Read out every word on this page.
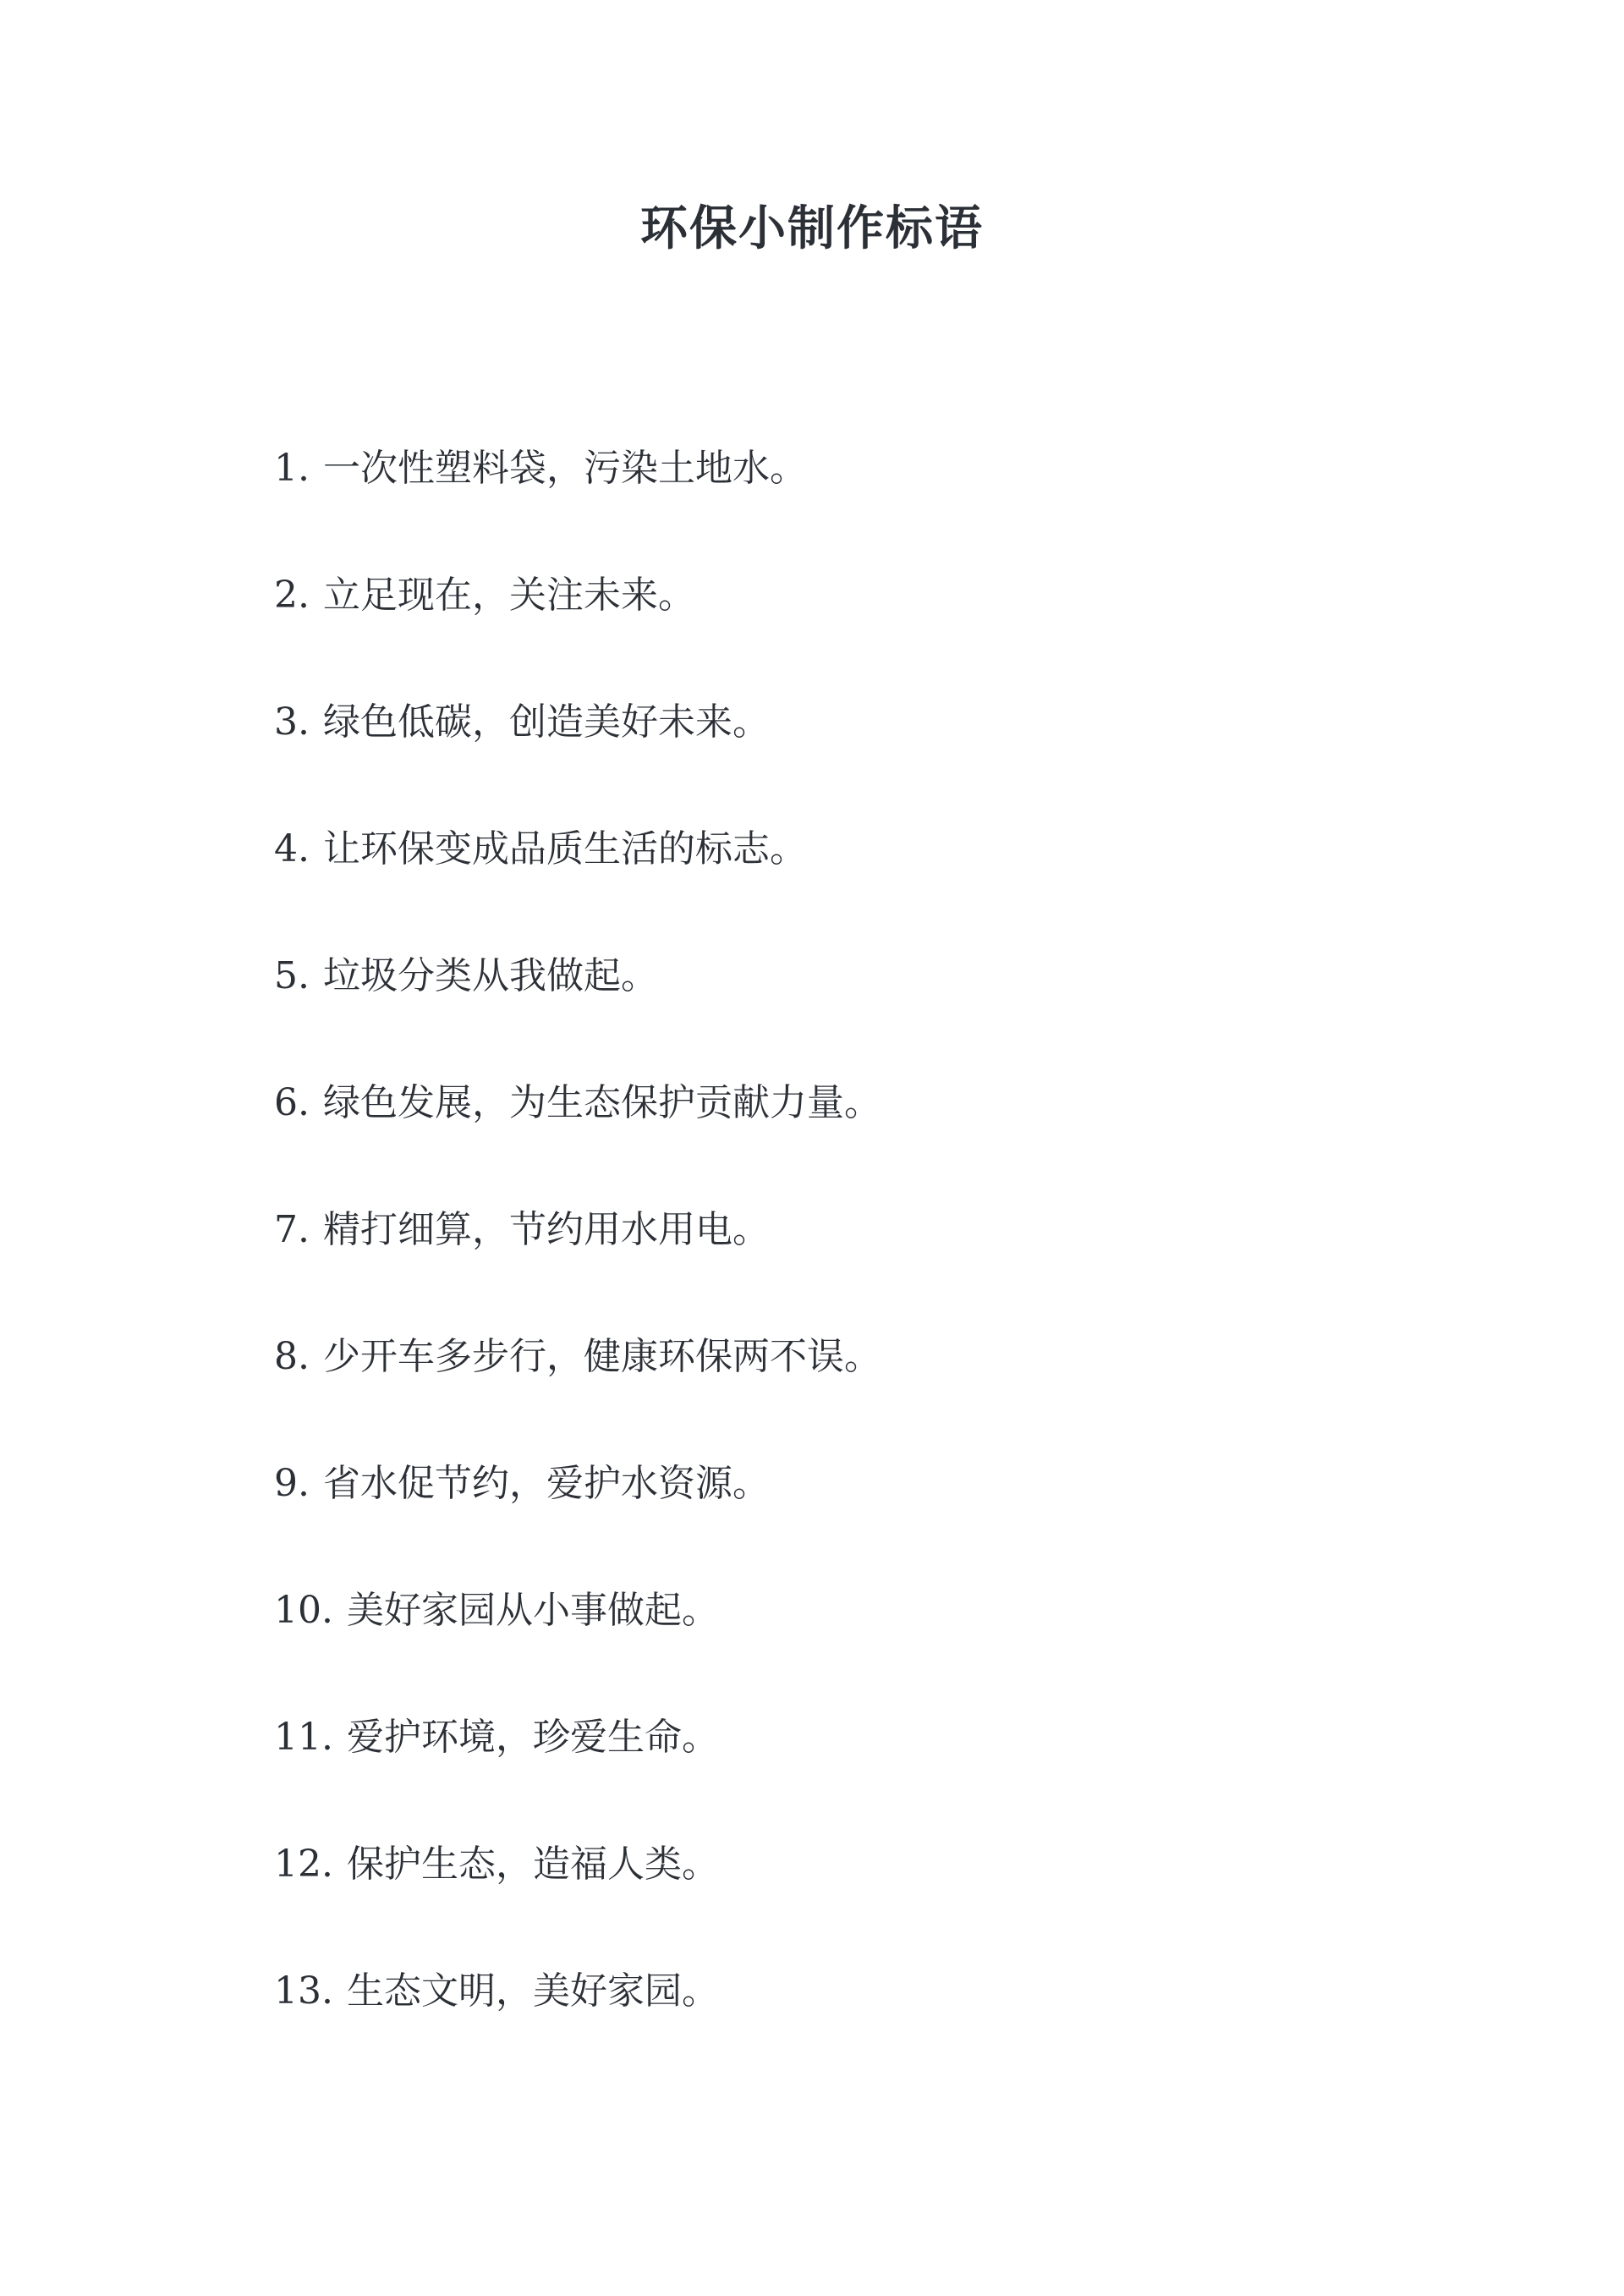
环保小制作标语
1. 一次性塑料袋，污染土地水。
2. 立足现在，关注未来。
3. 绿色低碳，创造美好未来。
4. 让环保变成品质生活的标志。
5. 垃圾分类从我做起。
6. 绿色发展，为生态保护贡献力量。
7. 精打细算，节约用水用电。
8. 少开车多步行，健康环保两不误。
9. 省水促节约，爱护水资源。
10. 美好家园从小事做起。
11. 爱护环境，珍爱生命。
12. 保护生态，造福人类。
13. 生态文明，美好家园。
